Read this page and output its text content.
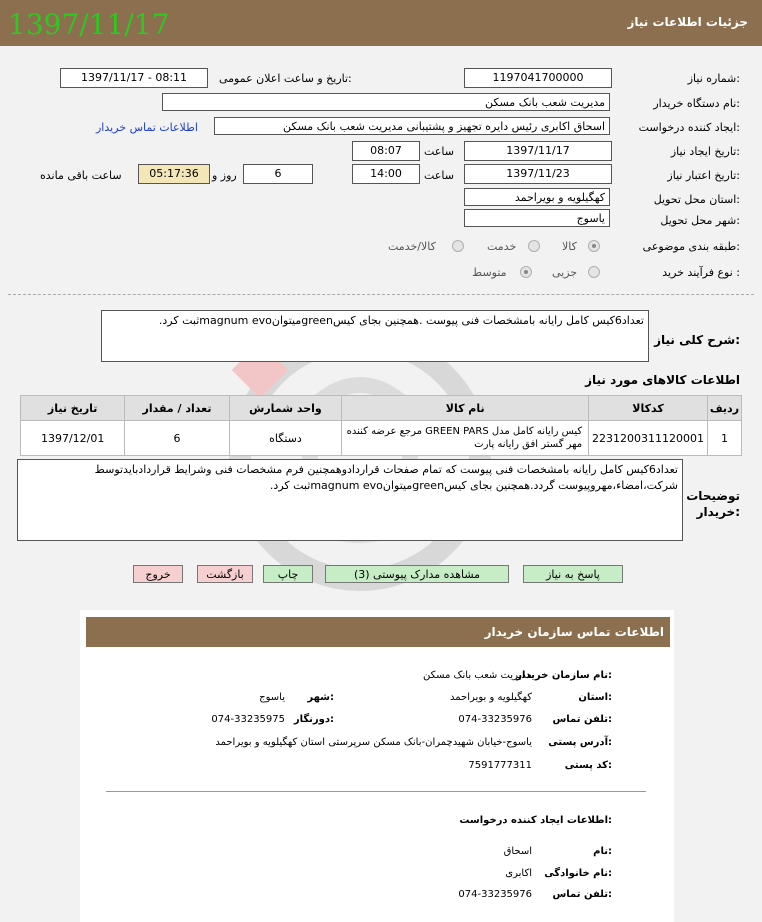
جزئیات اطلاعات نیاز
1397/11/17
شماره نیاز:
1197041700000
تاریخ و ساعت اعلان عمومی:
1397/11/17 - 08:11
نام دستگاه خریدار:
مدیریت شعب بانک مسکن
ایجاد کننده درخواست:
اسحاق اکابری رئیس دایره تجهیز و پشتیبانی مدیریت شعب بانک مسکن
اطلاعات تماس خریدار
تاریخ ایجاد نیاز:
1397/11/17
ساعت
08:07
تاریخ اعتبار نیاز:
1397/11/23
ساعت
14:00
6
روز و
05:17:36
ساعت باقی مانده
استان محل تحویل:
کهگیلویه و بویراحمد
شهر محل تحویل:
یاسوج
طبقه بندی موضوعی:
کالا
خدمت
کالا/خدمت
نوع فرآیند خرید :
جزیی
متوسط
شرح کلی نیاز:
تعداد6کیس کامل رایانه بامشخصات فنی پیوست .همچنین بجای کیسgreenمیتوانmagnum evoثبت کرد.
اطلاعات کالاهای مورد نیاز
تاریخ نیاز	تعداد / مقدار	واحد شمارش	نام کالا	کدکالا	ردیف
1397/12/01	6	دستگاه	کیس رایانه کامل مدل GREEN PARS مرجع عرضه کننده مهر گستر افق رایانه پارت	2231200311120001	1
توضیحات خریدار:
تعداد6کیس کامل رایانه بامشخصات فنی پیوست که تمام صفحات قراردادوهمچنین فرم مشخصات فنی وشرایط قراردادبایدتوسط شرکت،امضاء،مهروپیوست گردد.همچنین بجای کیسgreenمیتوانmagnum evoثبت کرد.
پاسخ به نیاز
مشاهده مدارک پیوستی (3)
چاپ
بازگشت
خروج
اطلاعات تماس سازمان خریدار
نام سازمان خریدار:
مدیریت شعب بانک مسکن
استان:
کهگیلویه و بویراحمد
شهر:
یاسوج
تلفن تماس:
074-33235976
دورنگار:
074-33235975
آدرس پستی:
یاسوج-خیابان شهیدچمران-بانک مسکن سرپرستی استان کهگیلویه و بویراحمد
کد پستی:
7591777311
اطلاعات ایجاد کننده درخواست:
نام:
اسحاق
نام خانوادگی:
اکابری
تلفن تماس:
074-33235976
